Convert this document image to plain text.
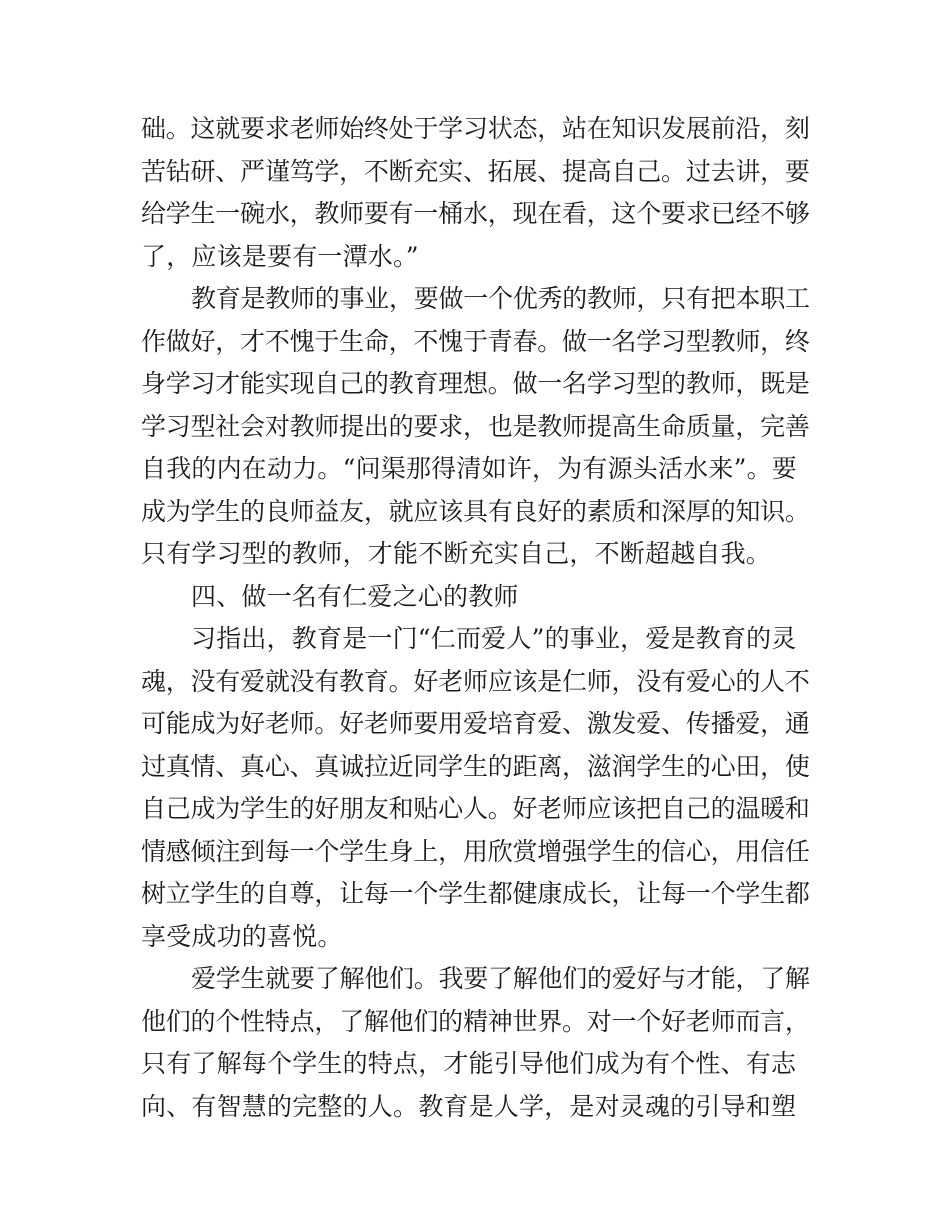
础。这就要求老师始终处于学习状态，站在知识发展前沿，刻
苦钻研、严谨笃学，不断充实、拓展、提高自己。过去讲，要
给学生一碗水，教师要有一桶水，现在看，这个要求已经不够
了，应该是要有一潭水。”
教育是教师的事业，要做一个优秀的教师，只有把本职工
作做好，才不愧于生命，不愧于青春。做一名学习型教师，终
身学习才能实现自己的教育理想。做一名学习型的教师，既是
学习型社会对教师提出的要求，也是教师提高生命质量，完善
自我的内在动力。“问渠那得清如许，为有源头活水来”。要
成为学生的良师益友，就应该具有良好的素质和深厚的知识。
只有学习型的教师，才能不断充实自己，不断超越自我。
四、做一名有仁爱之心的教师
习指出，教育是一门“仁而爱人”的事业，爱是教育的灵
魂，没有爱就没有教育。好老师应该是仁师，没有爱心的人不
可能成为好老师。好老师要用爱培育爱、激发爱、传播爱，通
过真情、真心、真诚拉近同学生的距离，滋润学生的心田，使
自己成为学生的好朋友和贴心人。好老师应该把自己的温暖和
情感倾注到每一个学生身上，用欣赏增强学生的信心，用信任
树立学生的自尊，让每一个学生都健康成长，让每一个学生都
享受成功的喜悦。
爱学生就要了解他们。我要了解他们的爱好与才能，了解
他们的个性特点，了解他们的精神世界。对一个好老师而言，
只有了解每个学生的特点，才能引导他们成为有个性、有志
向、有智慧的完整的人。教育是人学，是对灵魂的引导和塑
